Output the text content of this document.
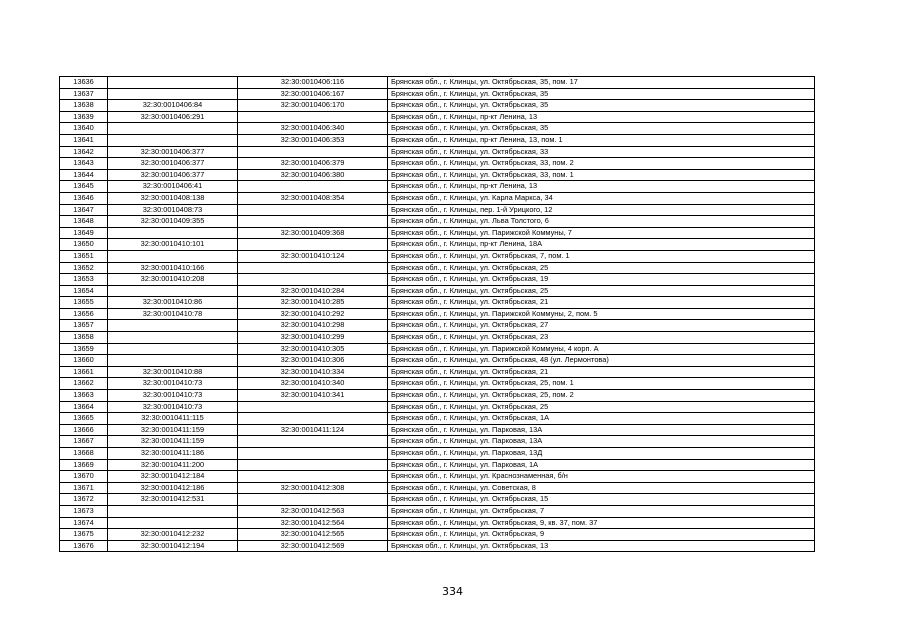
13636		32:30:0010406:116	Брянская обл., г. Клинцы, ул. Октябрьская, 35, пом. 17
13637		32:30:0010406:167	Брянская обл., г. Клинцы, ул. Октябрьская, 35
13638	32:30:0010406:84	32:30:0010406:170	Брянская обл., г. Клинцы, ул. Октябрьская, 35
13639	32:30:0010406:291		Брянская обл., г. Клинцы, пр-кт Ленина, 13
13640		32:30:0010406:340	Брянская обл., г. Клинцы, ул. Октябрьская, 35
13641		32:30:0010406:353	Брянская обл., г. Клинцы, пр-кт Ленина, 13, пом. 1
13642	32:30:0010406:377		Брянская обл., г. Клинцы, ул. Октябрьская, 33
13643	32:30:0010406:377	32:30:0010406:379	Брянская обл., г. Клинцы, ул. Октябрьская, 33, пом. 2
13644	32:30:0010406:377	32:30:0010406:380	Брянская обл., г. Клинцы, ул. Октябрьская, 33, пом. 1
13645	32:30:0010406:41		Брянская обл., г. Клинцы, пр-кт Ленина, 13
13646	32:30:0010408:138	32:30:0010408:354	Брянская обл., г. Клинцы, ул. Карла Маркса, 34
13647	32:30:0010408:73		Брянская обл., г. Клинцы, пер. 1-й Урицкого, 12
13648	32:30:0010409:355		Брянская обл., г. Клинцы, ул. Льва Толстого, 6
13649		32:30:0010409:368	Брянская обл., г. Клинцы, ул. Парижской Коммуны, 7
13650	32:30:0010410:101		Брянская обл., г. Клинцы, пр-кт Ленина, 18А
13651		32:30:0010410:124	Брянская обл., г. Клинцы, ул. Октябрьская, 7, пом. 1
13652	32:30:0010410:166		Брянская обл., г. Клинцы, ул. Октябрьская, 25
13653	32:30:0010410:208		Брянская обл., г. Клинцы, ул. Октябрьская, 19
13654		32:30:0010410:284	Брянская обл., г. Клинцы, ул. Октябрьская, 25
13655	32:30:0010410:86	32:30:0010410:285	Брянская обл., г. Клинцы, ул. Октябрьская, 21
13656	32:30:0010410:78	32:30:0010410:292	Брянская обл., г. Клинцы, ул. Парижской Коммуны, 2, пом. 5
13657		32:30:0010410:298	Брянская обл., г. Клинцы, ул. Октябрьская, 27
13658		32:30:0010410:299	Брянская обл., г. Клинцы, ул. Октябрьская, 23
13659		32:30:0010410:305	Брянская обл., г. Клинцы, ул. Парижской Коммуны, 4 корп. А
13660		32:30:0010410:306	Брянская обл., г. Клинцы, ул. Октябрьская, 48 (ул. Лермонтова)
13661	32:30:0010410:88	32:30:0010410:334	Брянская обл., г. Клинцы, ул. Октябрьская, 21
13662	32:30:0010410:73	32:30:0010410:340	Брянская обл., г. Клинцы, ул. Октябрьская, 25, пом. 1
13663	32:30:0010410:73	32:30:0010410:341	Брянская обл., г. Клинцы, ул. Октябрьская, 25, пом. 2
13664	32:30:0010410:73		Брянская обл., г. Клинцы, ул. Октябрьская, 25
13665	32:30:0010411:115		Брянская обл., г. Клинцы, ул. Октябрьская, 1А
13666	32:30:0010411:159	32:30:0010411:124	Брянская обл., г. Клинцы, ул. Парковая, 13А
13667	32:30:0010411:159		Брянская обл., г. Клинцы, ул. Парковая, 13А
13668	32:30:0010411:186		Брянская обл., г. Клинцы, ул. Парковая, 13Д
13669	32:30:0010411:200		Брянская обл., г. Клинцы, ул. Парковая, 1А
13670	32:30:0010412:184		Брянская обл., г. Клинцы, ул. Краснознаменная, б/н
13671	32:30:0010412:186	32:30:0010412:308	Брянская обл., г. Клинцы, ул. Советская, 8
13672	32:30:0010412:531		Брянская обл., г. Клинцы, ул. Октябрьская, 15
13673		32:30:0010412:563	Брянская обл., г. Клинцы, ул. Октябрьская, 7
13674		32:30:0010412:564	Брянская обл., г. Клинцы, ул. Октябрьская, 9, кв. 37, пом. 37
13675	32:30:0010412:232	32:30:0010412:565	Брянская обл., г. Клинцы, ул. Октябрьская, 9
13676	32:30:0010412:194	32:30:0010412:569	Брянская обл., г. Клинцы, ул. Октябрьская, 13
334
